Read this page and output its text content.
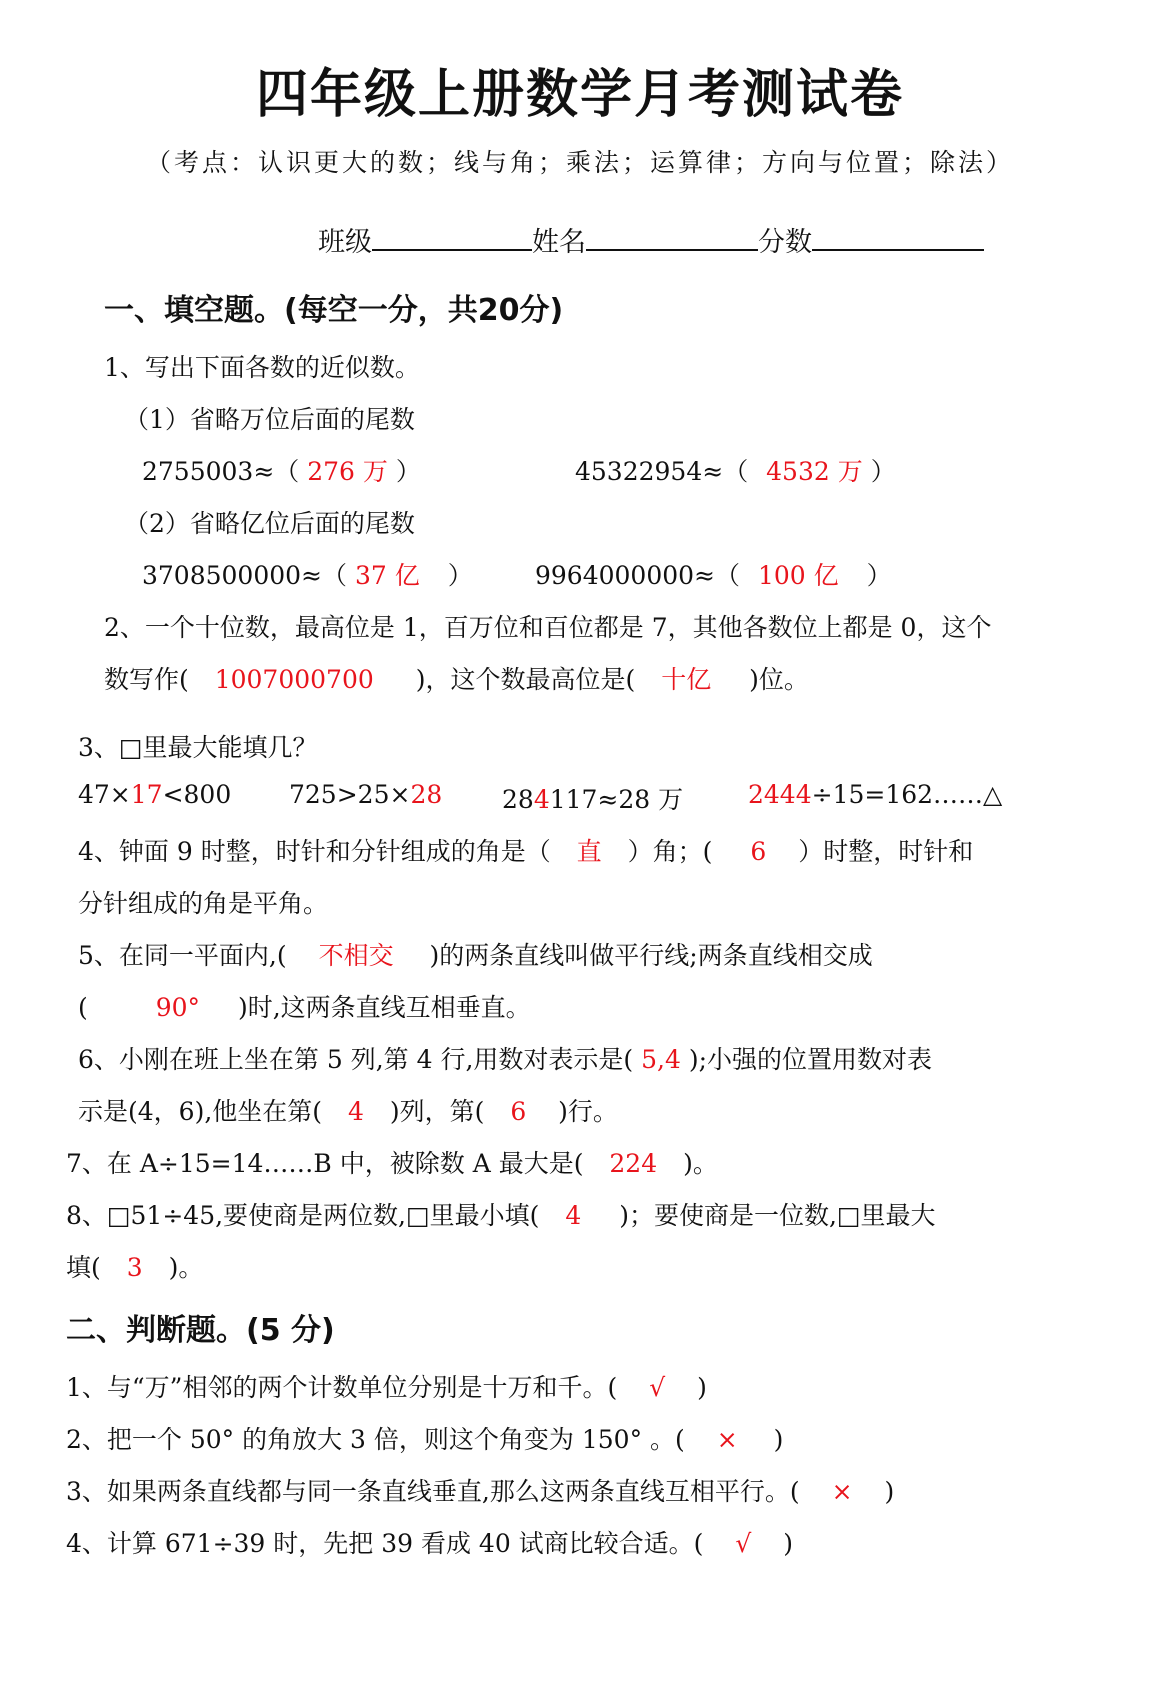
四年级上册数学月考测试卷
（考点：认识更大的数；线与角；乘法；运算律；方向与位置；除法）
班级	姓名	分数
一、填空题。(每空一分，共20分)
1、写出下面各数的近似数。
（1）省略万位后面的尾数
2755003≈（ 276 万 ）	45322954≈（ 4532 万 ）
（2）省略亿位后面的尾数
3708500000≈（ 37 亿 ） 9964000000≈（ 100 亿 ）
2、一个十位数，最高位是 1，百万位和百位都是 7，其他各数位上都是 0，这个
数写作( 1007000700 )，这个数最高位是( 十亿 )位。
3、□里最大能填几？
47×17<800 725>25×28 284117≈28 万	2444÷15=162……△
4、钟面 9 时整，时针和分针组成的角是（ 直 ）角；( 6 ）时整，时针和
分针组成的角是平角。
5、在同一平面内,( 不相交 )的两条直线叫做平行线;两条直线相交成
(	90° )时,这两条直线互相垂直。
6、小刚在班上坐在第 5 列,第 4 行,用数对表示是( 5,4 );小强的位置用数对表
示是(4，6),他坐在第( 4 )列，第( 6 )行。
7、在 A÷15=14……B 中，被除数 A 最大是( 224 )。
8、□51÷45,要使商是两位数,□里最小填( 4 )；要使商是一位数,□里最大
填( 3 )。
二、判断题。(5 分)
1、与“万”相邻的两个计数单位分别是十万和千。( √ )
2、把一个 50° 的角放大 3 倍，则这个角变为 150° 。( × )
3、如果两条直线都与同一条直线垂直,那么这两条直线互相平行。( × )
4、计算 671÷39 时，先把 39 看成 40 试商比较合适。( √ )
